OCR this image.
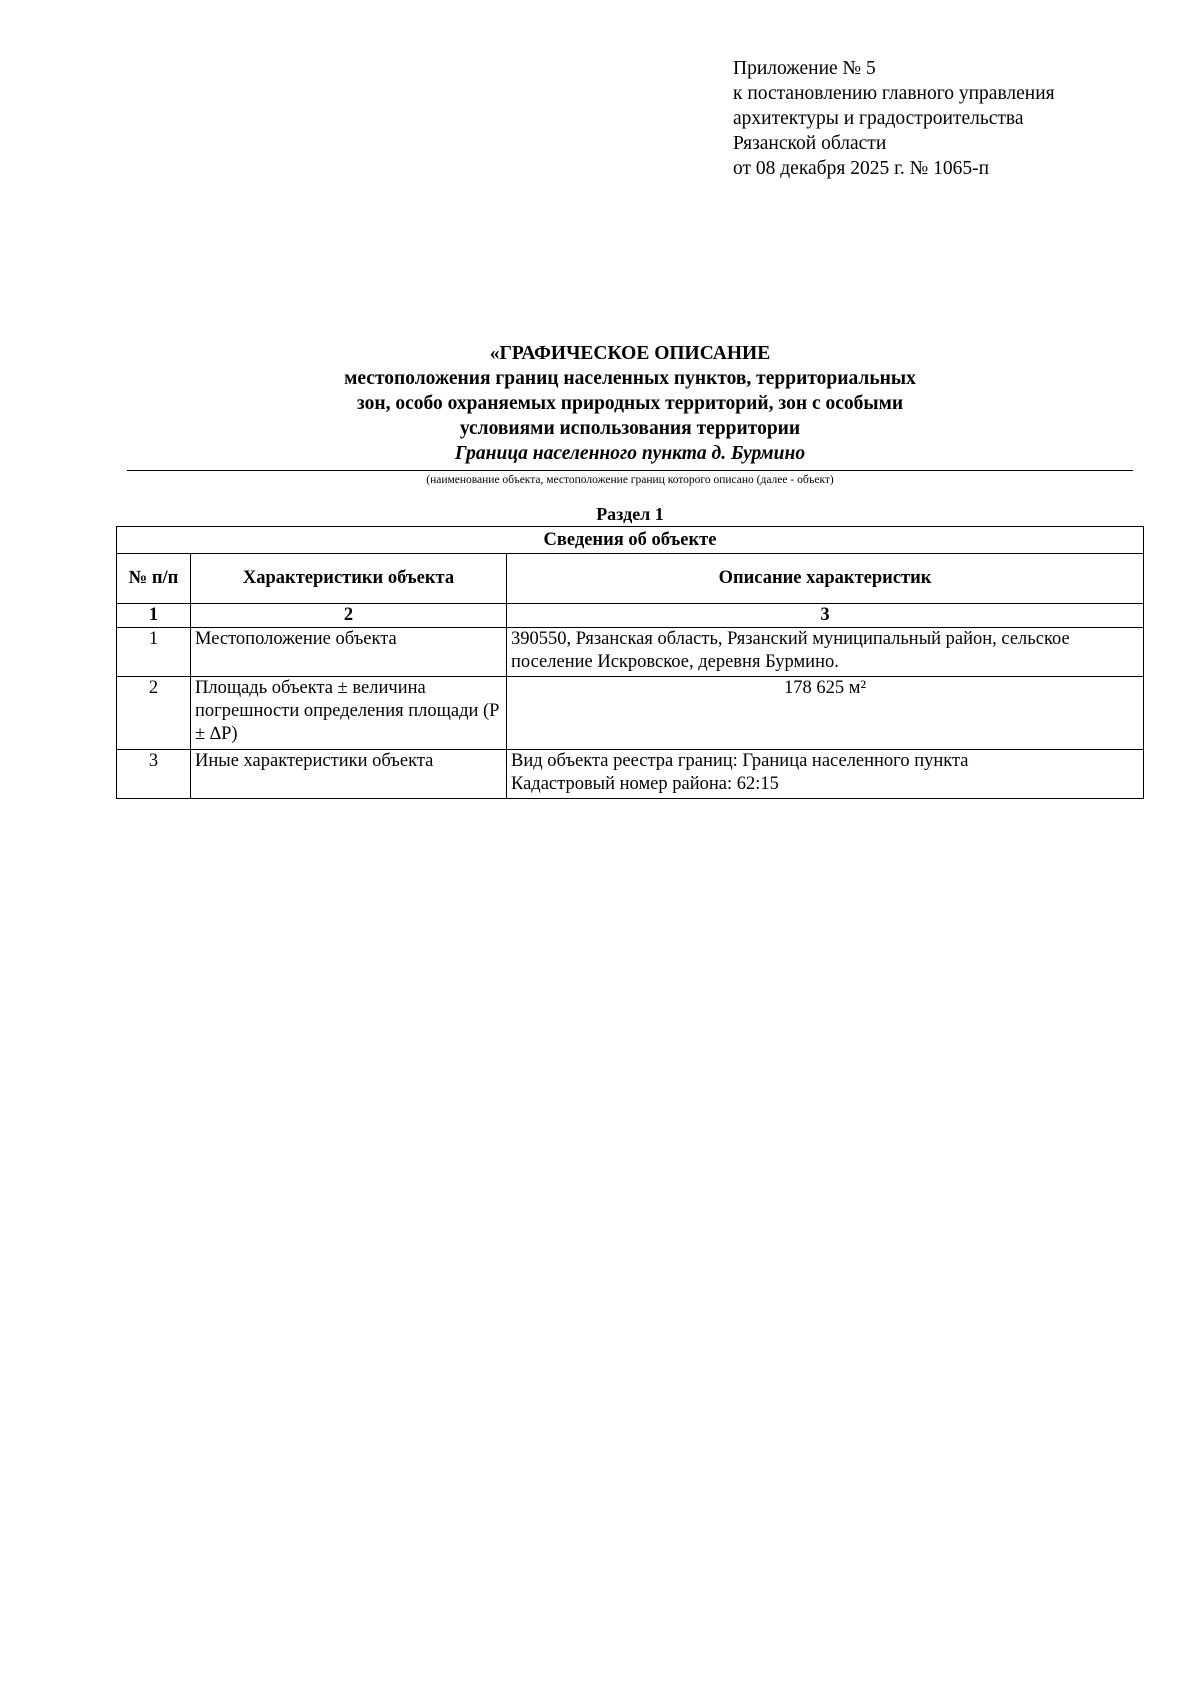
Приложение № 5
к постановлению главного управления
архитектуры и градостроительства
Рязанской области
от 08 декабря 2025 г. № 1065-п
«ГРАФИЧЕСКОЕ ОПИСАНИЕ
местоположения границ населенных пунктов, территориальных
зон, особо охраняемых природных территорий, зон с особыми
условиями использования территории
Граница населенного пункта д. Бурмино
(наименование объекта, местоположение границ которого описано (далее - объект)
Раздел 1
Сведения об объекте		
№ п/п	Характеристики объекта	Описание характеристик
1	2	3
1	Местоположение объекта	390550, Рязанская область, Рязанский муниципальный район, сельское поселение Искровское, деревня Бурмино.
2	Площадь объекта ± величина погрешности определения площади (Р ± ∆Р)	178 625 м²
3	Иные характеристики объекта	Вид объекта реестра границ: Граница населенного пункта
Кадастровый номер района: 62:15
